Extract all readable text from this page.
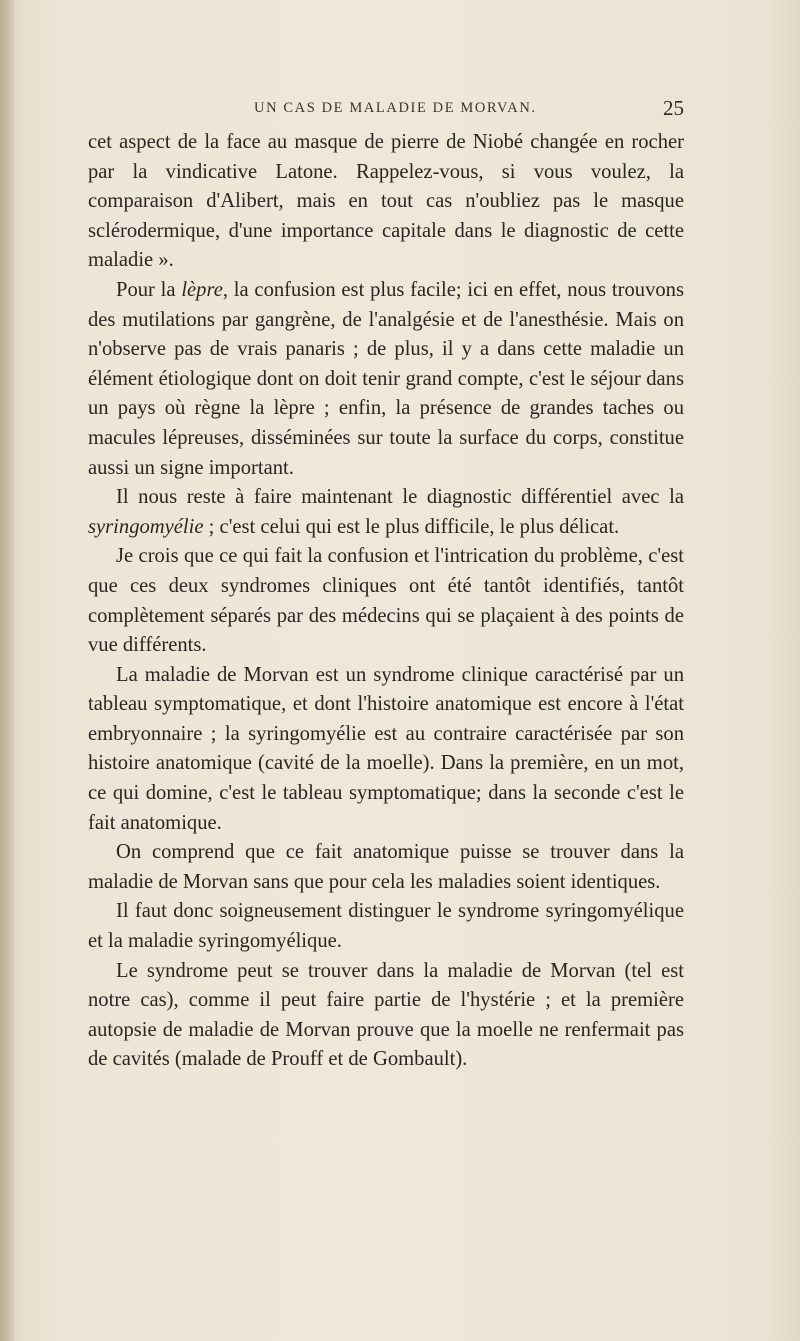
UN CAS DE MALADIE DE MORVAN.	25

cet aspect de la face au masque de pierre de Niobé changée en rocher par la vindicative Latone. Rappelez-vous, si vous voulez, la comparaison d'Alibert, mais en tout cas n'oubliez pas le masque sclérodermique, d'une importance capitale dans le diagnostic de cette maladie ».

Pour la lèpre, la confusion est plus facile; ici en effet, nous trouvons des mutilations par gangrène, de l'analgésie et de l'anesthésie. Mais on n'observe pas de vrais panaris ; de plus, il y a dans cette maladie un élément étiologique dont on doit tenir grand compte, c'est le séjour dans un pays où règne la lèpre ; enfin, la présence de grandes taches ou macules lépreuses, disséminées sur toute la surface du corps, constitue aussi un signe important.

Il nous reste à faire maintenant le diagnostic différentiel avec la syringomyélie ; c'est celui qui est le plus difficile, le plus délicat.

Je crois que ce qui fait la confusion et l'intrication du problème, c'est que ces deux syndromes cliniques ont été tantôt identifiés, tantôt complètement séparés par des médecins qui se plaçaient à des points de vue différents.

La maladie de Morvan est un syndrome clinique caractérisé par un tableau symptomatique, et dont l'histoire anatomique est encore à l'état embryonnaire ; la syringomyélie est au contraire caractérisée par son histoire anatomique (cavité de la moelle). Dans la première, en un mot, ce qui domine, c'est le tableau symptomatique; dans la seconde c'est le fait anatomique.

On comprend que ce fait anatomique puisse se trouver dans la maladie de Morvan sans que pour cela les maladies soient identiques.

Il faut donc soigneusement distinguer le syndrome syringomyélique et la maladie syringomyélique.

Le syndrome peut se trouver dans la maladie de Morvan (tel est notre cas), comme il peut faire partie de l'hystérie ; et la première autopsie de maladie de Morvan prouve que la moelle ne renfermait pas de cavités (malade de Prouff et de Gombault).
